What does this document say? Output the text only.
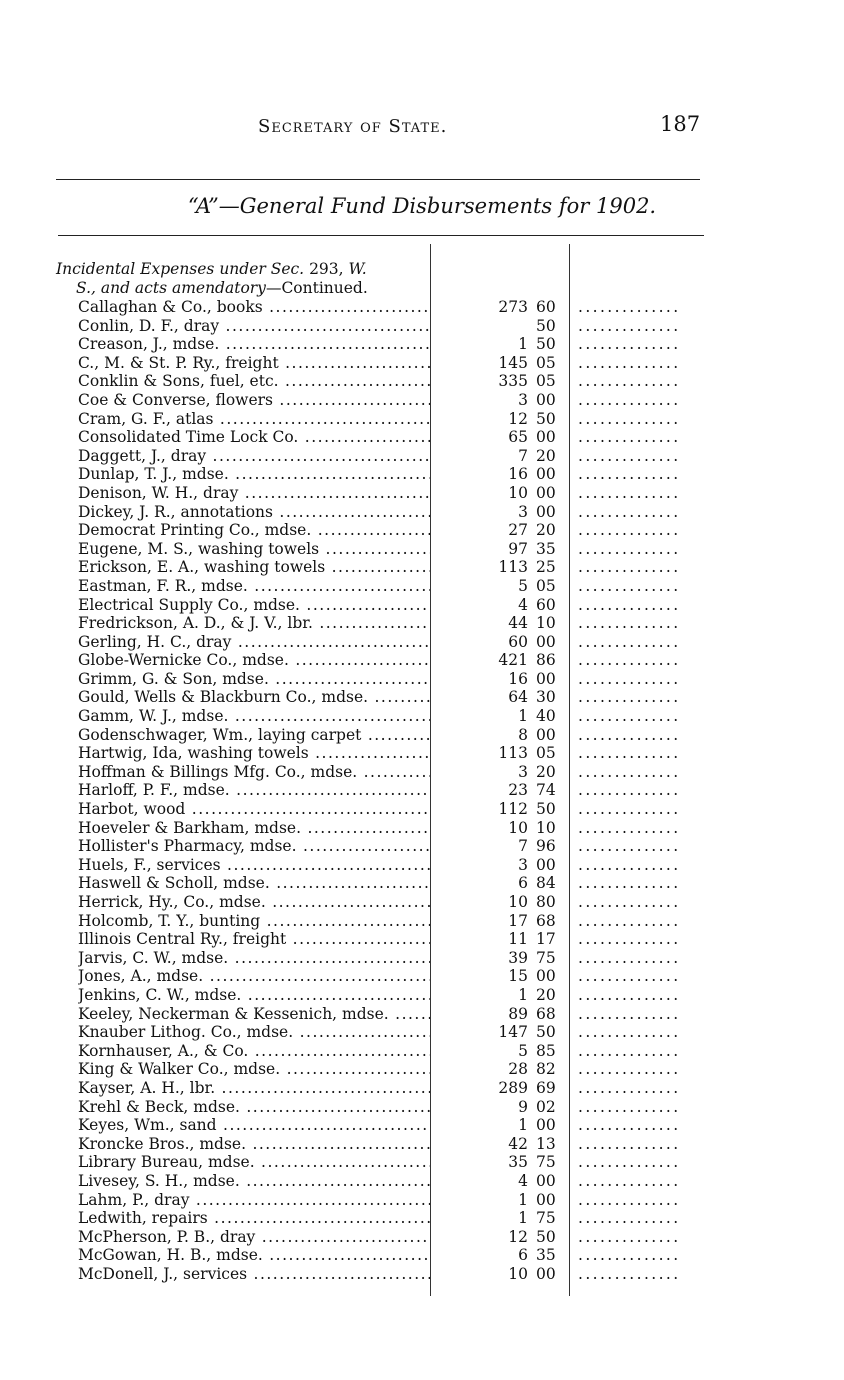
Secretary of State.	187
“A”—General Fund Disbursements for 1902.
Incidental Expenses under Sec. 293, W.
S., and acts amendatory—Continued.
Callaghan & Co., books .....	273 60 ..............
Conlin, D. F., dray .....	50 ..............
Creason, J., mdse. .....	1 50 ..............
C., M. & St. P. Ry., freight .....	145 05 ..............
Conklin & Sons, fuel, etc. .....	335 05 ..............
Coe & Converse, flowers .....	3 00 ..............
Cram, G. F., atlas .....	12 50 ..............
Consolidated Time Lock Co. .....	65 00 ..............
Daggett, J., dray .....	7 20 ..............
Dunlap, T. J., mdse. .....	16 00 ..............
Denison, W. H., dray .....	10 00 ..............
Dickey, J. R., annotations .....	3 00 ..............
Democrat Printing Co., mdse. .....	27 20 ..............
Eugene, M. S., washing towels .....	97 35 ..............
Erickson, E. A., washing towels .....	113 25 ..............
Eastman, F. R., mdse. .....	5 05 ..............
Electrical Supply Co., mdse. .....	4 60 ..............
Fredrickson, A. D., & J. V., lbr. .....	44 10 ..............
Gerling, H. C., dray .....	60 00 ..............
Globe-Wernicke Co., mdse. .....	421 86 ..............
Grimm, G. & Son, mdse. .....	16 00 ..............
Gould, Wells & Blackburn Co., mdse. .....	64 30 ..............
Gamm, W. J., mdse. .....	1 40 ..............
Godenschwager, Wm., laying carpet .....	8 00 ..............
Hartwig, Ida, washing towels .....	113 05 ..............
Hoffman & Billings Mfg. Co., mdse. .....	3 20 ..............
Harloff, P. F., mdse. .....	23 74 ..............
Harbot, wood .....	112 50 ..............
Hoeveler & Barkham, mdse. .....	10 10 ..............
Hollister's Pharmacy, mdse. .....	7 96 ..............
Huels, F., services .....	3 00 ..............
Haswell & Scholl, mdse. .....	6 84 ..............
Herrick, Hy., Co., mdse. .....	10 80 ..............
Holcomb, T. Y., bunting .....	17 68 ..............
Illinois Central Ry., freight .....	11 17 ..............
Jarvis, C. W., mdse. .....	39 75 ..............
Jones, A., mdse. .....	15 00 ..............
Jenkins, C. W., mdse. .....	1 20 ..............
Keeley, Neckerman & Kessenich, mdse. .....	89 68 ..............
Knauber Lithog. Co., mdse. .....	147 50 ..............
Kornhauser, A., & Co. .....	5 85 ..............
King & Walker Co., mdse. .....	28 82 ..............
Kayser, A. H., lbr. .....	289 69 ..............
Krehl & Beck, mdse. .....	9 02 ..............
Keyes, Wm., sand .....	1 00 ..............
Kroncke Bros., mdse. .....	42 13 ..............
Library Bureau, mdse. .....	35 75 ..............
Livesey, S. H., mdse. .....	4 00 ..............
Lahm, P., dray .....	1 00 ..............
Ledwith, repairs .....	1 75 ..............
McPherson, P. B., dray .....	12 50 ..............
McGowan, H. B., mdse. .....	6 35 ..............
McDonell, J., services .....	10 00 ..............
